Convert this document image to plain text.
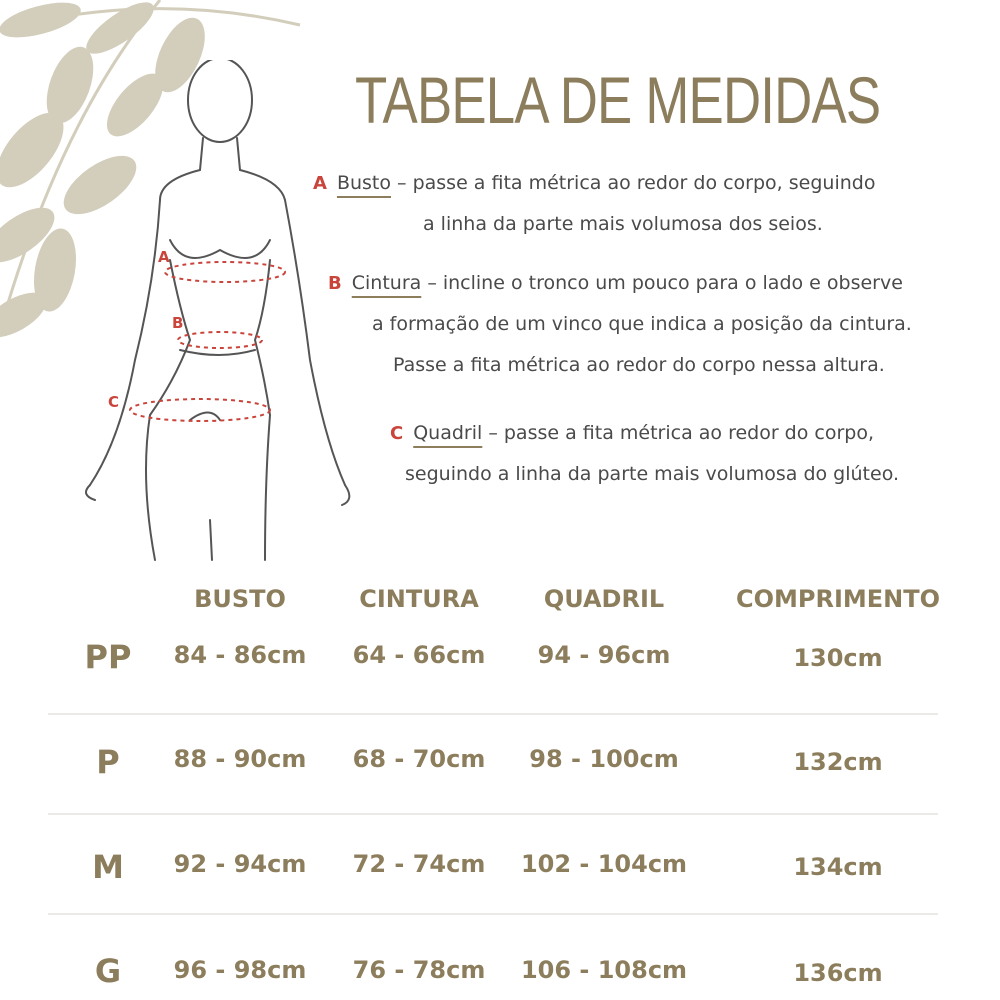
A
B
C
TABELA DE MEDIDAS
A Busto – passe a fita métrica ao redor do corpo, seguindo
a linha da parte mais volumosa dos seios.
B Cintura – incline o tronco um pouco para o lado e observe
a formação de um vinco que indica a posição da cintura.
Passe a fita métrica ao redor do corpo nessa altura.
C Quadril – passe a fita métrica ao redor do corpo,
seguindo a linha da parte mais volumosa do glúteo.
BUSTO	CINTURA	QUADRIL	COMPRIMENTO
PP 84 - 86cm 64 - 66cm 94 - 96cm	130cm
P 88 - 90cm 68 - 70cm 98 - 100cm	132cm
M 92 - 94cm 72 - 74cm 102 - 104cm	134cm
G 96 - 98cm 76 - 78cm 106 - 108cm	136cm
